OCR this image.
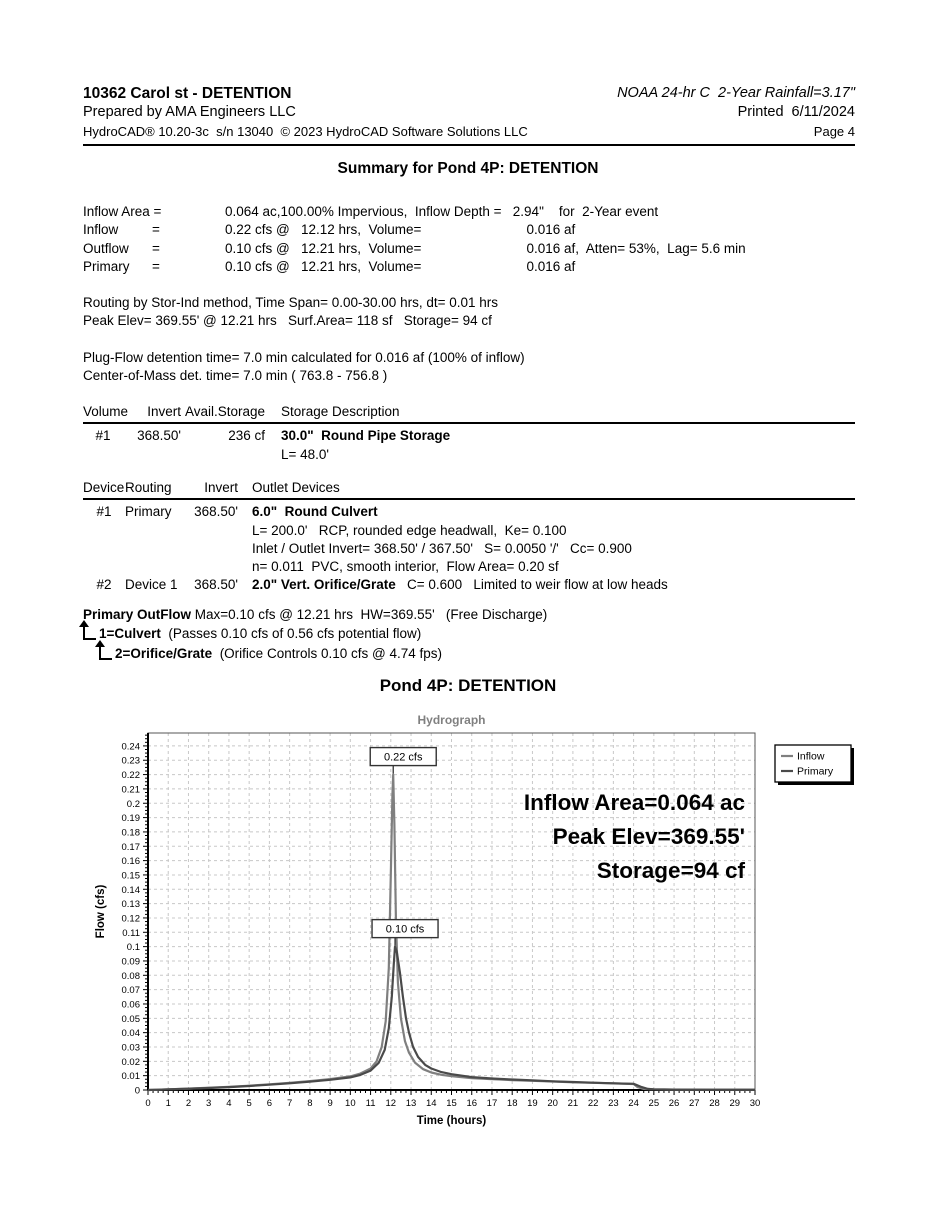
10362 Carol st - DETENTION	NOAA 24-hr C  2-Year Rainfall=3.17"
Prepared by AMA Engineers LLC	Printed  6/11/2024
HydroCAD® 10.20-3c  s/n 13040  © 2023 HydroCAD Software Solutions LLC	Page 4
Summary for Pond 4P: DETENTION
Inflow Area =	0.064 ac,100.00% Impervious,  Inflow Depth =   2.94"    for  2-Year event
Inflow =	0.22 cfs @   12.12 hrs,  Volume=                            0.016 af
Outflow =	0.10 cfs @   12.21 hrs,  Volume=                            0.016 af,  Atten= 53%,  Lag= 5.6 min
Primary =	0.10 cfs @   12.21 hrs,  Volume=                            0.016 af
Routing by Stor-Ind method, Time Span= 0.00-30.00 hrs, dt= 0.01 hrs
Peak Elev= 369.55' @ 12.21 hrs   Surf.Area= 118 sf   Storage= 94 cf
Plug-Flow detention time= 7.0 min calculated for 0.016 af (100% of inflow)
Center-of-Mass det. time= 7.0 min ( 763.8 - 756.8 )
Volume	Invert Avail.Storage Storage Description
#1	368.50'	236 cf 30.0"  Round Pipe Storage
L= 48.0'
Device Routing	Invert Outlet Devices
#1 Primary	368.50' 6.0"  Round Culvert
L= 200.0'   RCP, rounded edge headwall,  Ke= 0.100
Inlet / Outlet Invert= 368.50' / 367.50'   S= 0.0050 '/'   Cc= 0.900
n= 0.011  PVC, smooth interior,  Flow Area= 0.20 sf
#2 Device 1	368.50' 2.0" Vert. Orifice/Grate   C= 0.600   Limited to weir flow at low heads
Primary OutFlow Max=0.10 cfs @ 12.21 hrs  HW=369.55'   (Free Discharge)
1=Culvert  (Passes 0.10 cfs of 0.56 cfs potential flow)
2=Orifice/Grate  (Orifice Controls 0.10 cfs @ 4.74 fps)
Pond 4P: DETENTION
0 1 2 3 4 5 6 7 8 9 10 11 12 13 14 15 16 17 18 19 20 21 22 23 24 25 26 27 28 29 30
0
0.01
0.02
0.03
0.04
0.05
0.06
0.07
0.08
0.09
0.1
0.11
0.12
0.13
0.14
0.15
0.16
0.17
0.18
0.19
0.2
0.21
0.22
0.23
0.24
Inflow Area=0.064 ac
Peak Elev=369.55'
Storage=94 cf
0.22 cfs
0.10 cfs
Hydrograph
Time (hours)
Flow (cfs)
Inflow
Primary
